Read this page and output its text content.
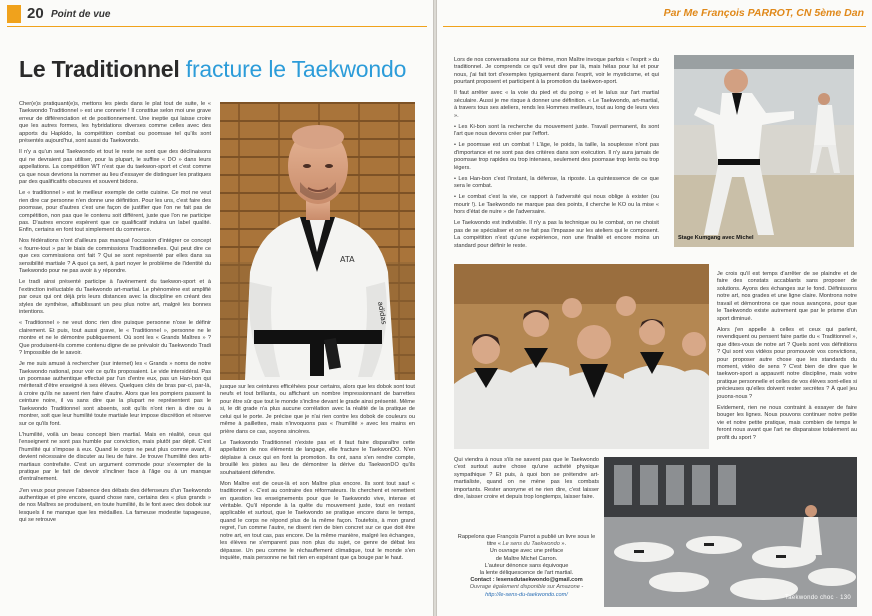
20 Point de vue
Le Traditionnel fracture le Taekwondo

Cher(e)s pratiquant(e)s, mettons les pieds dans le plat tout de suite, le « Taekwondo Traditionnel » est une connerie ! Il constitue selon moi une grave erreur de différenciation et de positionnement. Une ineptie qui laisse croire que les autres formes, les hybridations diverses comme celles avec des apports du Hapkido, la compétition combat ou poomsae tel qu'ils sont présentés aujourd'hui, sont aussi du Taekwondo.

Il n'y a qu'un seul Taekwondo et tout le reste ne sont que des déclinaisons qui ne devraient pas utiliser, pour la plupart, le suffixe « DO » dans leurs appellations. La compétition WT n'est que du taekwon-sport et c'est comme ça que nous devrions la nommer au lieu d'essayer de distinguer les pratiques par des qualificatifs obscures et souvent bidons.

Le « traditionnel » est le meilleur exemple de cette cuisine. Ce mot ne veut rien dire car personne n'en donne une définition. Pour les uns, c'est faire des poomsae, pour d'autres c'est une façon de justifier que l'on ne fait pas de compétition, non pas que le contenu soit différent, juste que l'on ne participe pas. D'autres encore espèrent que ce qualificatif induira un label qualité. Enfin, certains en font tout simplement du commerce.

Nos fédérations n'ont d'ailleurs pas manqué l'occasion d'intégrer ce concept « fourre-tout » par le biais de commissions Traditionnelles. Qui peut dire ce que ces commissions ont fait ? Qui se sont représenté par elles dans sa sensibilité martiale ? A quoi ça sert, à part noyer le problème de l'identité du Taekwondo pour ne pas avoir à y répondre.

Le tradi ainsi présenté participe à l'avènement du taekwon-sport et à l'extinction inéluctable du Taekwondo art-martial. Le phénomène est amplifié par ceux qui ont déjà pris leurs distances avec la discipline en créant des styles de synthèse, affaiblissant un peu plus notre art, malgré les bonnes intentions.

« Traditionnel » ne veut donc rien dire puisque personne n'ose le définir clairement. Et puis, tout aussi grave, le « Traditionnel », personne ne le montre et ne le démontre publiquement. Où sont les « Grands Maîtres » ? Que produisent-ils comme contenu digne de se prévaloir du Taekwondo Tradi ? Impossible de le savoir.

Je me suis amusé à rechercher (sur internet) les « Grands » noms de notre Taekwondo national, pour voir ce qu'ils proposaient. Le vide intersidéral. Pas un poomsae authentique effectué par l'un d'entre eux, pas un Han-bon qui mériterait d'être enseigné à ses élèves. Quelques clés de bras par-ci, par-là, à croire qu'ils ne savent rien faire d'autre. Alors que les pompiers passent la ceinture noire, il va sans dire que la plupart ne représentent pas le Taekwondo Traditionnel sont absents, soit qu'ils n'ont rien à dire ou à montrer, soit que leur humilité toute martiale leur impose discrétion et réserve sur ce qu'ils font.

L'humilité, voilà un beau concept bien martial. Mais en réalité, ceux qui l'enseignent ne sont pas humble par conviction, mais plutôt par dépit. C'est l'humilité qui s'impose à eux. Quand le corps ne peut plus comme avant, il devient nécessaire de discuter au lieu de faire. Je trouve l'humilité des arts-martiaux contrefaite. C'est un argument commode pour s'exempter de la pratique par le fait de devoir s'incliner face à l'âge ou à un manque d'entraînement.

J'en veux pour preuve l'absence des débats des défenseurs d'un Taekwondo authentique et pire encore, quand chose rare, certains des « plus grands » de nos Maîtres se produisent, en toute humilité, ils le font avec des dobok sur lesquels il ne manque que les médailles. La fameuse modestie tapageuse, qui se retrouve

ATA
adidas

jusque sur les ceintures efficéhées pour certains, alors que les dobok sont tout neufs et tout brillants, ou affichant un nombre impressionnant de barrettes pour être sûr que tout le monde s'incline devant le grade ainsi présenté. Même si, le dit grade n'a plus aucune corrélation avec la réalité de la pratique de celui qui le porte. Je précise que je n'ai rien contre les dobok de couleurs ou même à paillettes, mais n'invoquons pas « l'humilité » avec les mains en prière dans ce cas, soyons sincères.

Le Taekwondo Traditionnel n'existe pas et il faut faire disparaître cette appellation de nos éléments de langage, elle fracture le TaekwonDO. N'en déplaise à ceux qui en font la promotion. Ils ont, sans s'en rendre compte, brouillé les pistes au lieu de démontrer la dérive du TaekwonDO qu'ils souhaitaient défendre.

Mon Maître est de ceux-là et son Maître plus encore. Ils sont tout sauf « traditionnel ». C'est au contraire des réformateurs. Ils cherchent et remettent en question les enseignements pour que le Taekwondo vive, intense et véritable. Qu'il réponde à la quête du mouvement juste, tout en restant applicable et surtout, que le Taekwondo se pratique encore dans le temps, quand le corps ne répond plus de la même façon. Toutefois, à mon grand regret, l'un comme l'autre, ne disent rien de bien concret sur ce que doit être notre art, en tout cas, pas encore. De la même manière, malgré les échanges, les élèves ne s'emparent pas non plus du sujet, ce genre de débat les dépasse. Un peu comme le réchauffement climatique, tout le monde s'en inquiète, mais personne ne fait rien en espérant que ça bouge par le haut.

Par Me François PARROT, CN 5ème Dan

Lors de nos conversations sur ce thème, mon Maître invoque parfois « l'esprit » du traditionnel. Je comprends ce qu'il veut dire par là, mais hélas pour lui et pour nous, j'ai fait tort d'exemples typiquement dans l'esprit, voir le mysticisme, et qui pourtant proposent et participent à la promotion du taekwon-sport.

Il faut arrêter avec « la voie du pied et du poing » et le laïus sur l'art martial séculaire. Aussi je me risque à donner une définition. « Le Taekwondo, art-martial, à travers tous ses ateliers, rends les Hommes meilleurs, tout au long de leurs vies ».

• Les Ki-bon sont la recherche du mouvement juste. Travail permanent, ils sont l'art que nous devons créer par l'effort.

• Le poomsae est un combat ! L'âge, le poids, la taille, la souplesse n'ont pas d'importance et ne sont pas des critères dans son exécution. Il n'y aura jamais de poomsae trop rapides ou trop intenses, seulement des poomsae trop lents ou trop légers.

• Les Han-bon c'est l'instant, la défense, la riposte. La quintessence de ce que sera le combat.

• Le combat c'est la vie, ce rapport à l'adversité qui nous oblige à exister (ou mourir !). Le Taekwondo ne marque pas des points, il cherche le KO ou la mise « hors d'état de nuire » de l'adversaire.

Le Taekwondo est indivisible. Il n'y a pas la technique ou le combat, on ne choisit pas de se spécialiser et on ne fait pas l'impasse sur les ateliers qui le composent. La compétition n'est qu'une expérience, non une finalité et encore moins un standard pour définir le reste.

Stage Kumgang avec Michel

Je crois qu'il est temps d'arrêter de se plaindre et de faire des constats accablants sans proposer de solutions. Ayons des échanges sur le fond. Définissons notre art, nos grades et une ligne claire. Montrons notre travail et démontrons ce que nous avançons, pour que le Taekwondo existe autrement que par le prisme d'un sport diminué.

Alors j'en appelle à celles et ceux qui parlent, revendiquent ou pensent faire partie du « Traditionnel », que dites-vous de notre art ? Quels sont vos définitions ? Qui sont vos vidéos pour promouvoir vos convictions, pour proposer autre chose que les standards du moment, vidéo de sens ? C'est bien de dire que le taekwon-sport a appauvrit notre discipline, mais votre pratique personnelle et celles de vos élèves sont-elles si précieuses qu'elles doivent rester secrètes ? À quel jeu jouons-nous ?

Evidement, rien ne nous contraint à essayer de faire bouger les lignes. Nous pouvons continuer notre petite vie et notre petite pratique, mais combien de temps le feront nous avant que l'art ne disparaisse totalement au profit du sport ?

Qui viendra à nous s'ils ne savent pas que le Taekwondo c'est surtout autre chose qu'une activité physique sympathique ? Et puis, à quoi bon se prétendre art-martialiste, quand on ne mène pas les combats importants. Rester anonyme et ne rien dire, c'est laisser dire, laisser croire et depuis trop longtemps, laisser faire.

Rappelons que François Parrot a publié un livre sous le titre « Le sens du Taekwondo ».
Un ouvrage avec une préface
de Maître Michel Carron.
L'auteur dénonce sans équivoque
la lente déliquescence de l'art martial.
Contact : lesensdutaekwondo@gmail.com
Ouvrage également disponible sur Amazone -
http://le-sens-du-taekwondo.com/
Taekwondo choc · 130
